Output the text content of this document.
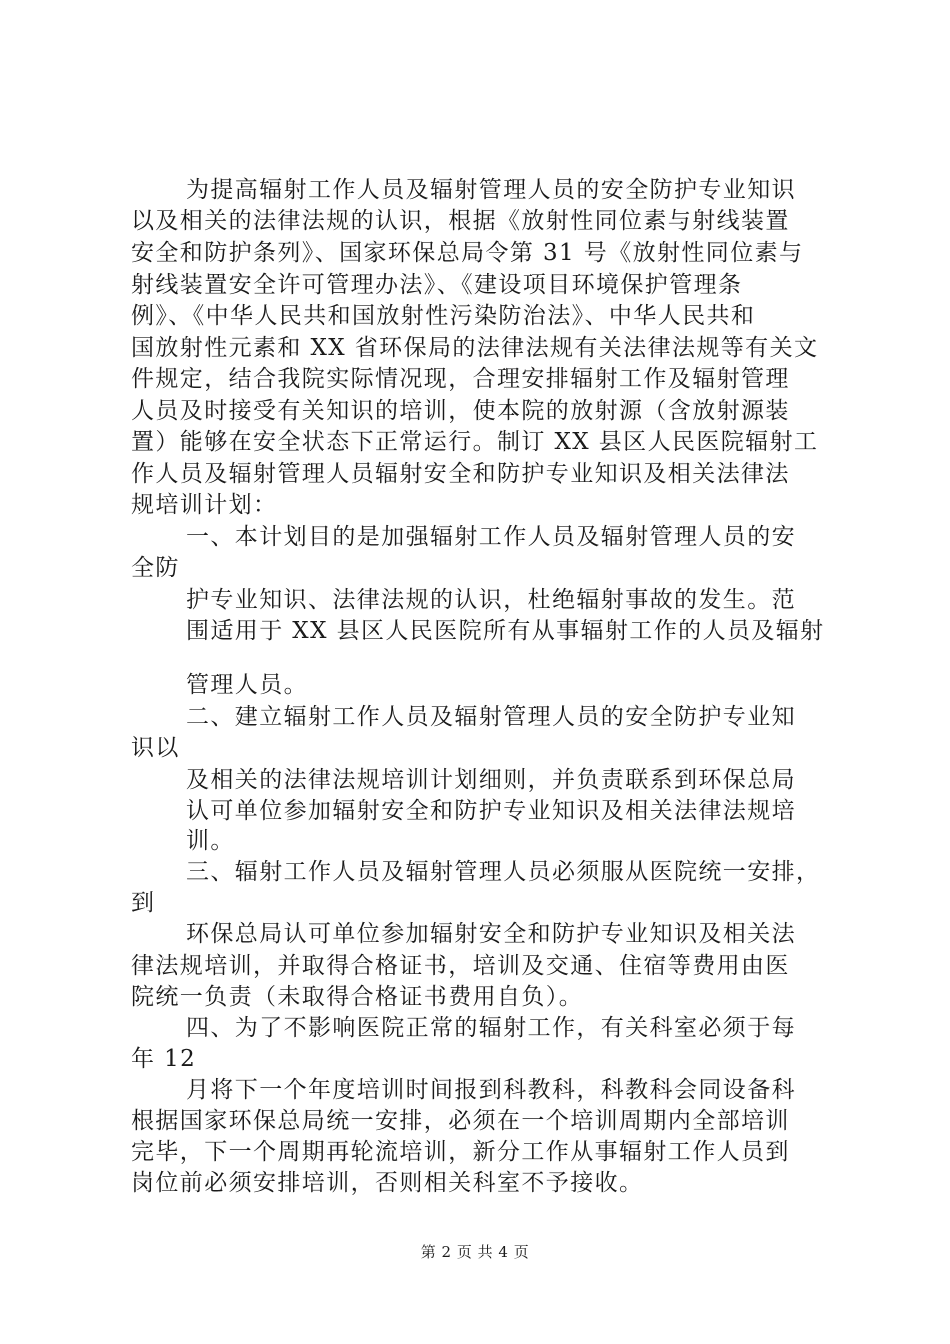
为提高辐射工作人员及辐射管理人员的安全防护专业知识
以及相关的法律法规的认识，根据《放射性同位素与射线装置
安全和防护条列》、国家环保总局令第 31 号《放射性同位素与
射线装置安全许可管理办法》、《建设项目环境保护管理条
例》、《中华人民共和国放射性污染防治法》、中华人民共和
国放射性元素和 XX 省环保局的法律法规有关法律法规等有关文
件规定，结合我院实际情况现，合理安排辐射工作及辐射管理
人员及时接受有关知识的培训，使本院的放射源（含放射源装
置）能够在安全状态下正常运行。制订 XX 县区人民医院辐射工
作人员及辐射管理人员辐射安全和防护专业知识及相关法律法
规培训计划：
一、本计划目的是加强辐射工作人员及辐射管理人员的安
全防
护专业知识、法律法规的认识，杜绝辐射事故的发生。范
围适用于 XX 县区人民医院所有从事辐射工作的人员及辐射
管理人员。
二、建立辐射工作人员及辐射管理人员的安全防护专业知
识以
及相关的法律法规培训计划细则，并负责联系到环保总局
认可单位参加辐射安全和防护专业知识及相关法律法规培
训。
三、辐射工作人员及辐射管理人员必须服从医院统一安排，
到
环保总局认可单位参加辐射安全和防护专业知识及相关法
律法规培训，并取得合格证书，培训及交通、住宿等费用由医
院统一负责（未取得合格证书费用自负）。
四、为了不影响医院正常的辐射工作，有关科室必须于每
年 12
月将下一个年度培训时间报到科教科，科教科会同设备科
根据国家环保总局统一安排，必须在一个培训周期内全部培训
完毕，下一个周期再轮流培训，新分工作从事辐射工作人员到
岗位前必须安排培训，否则相关科室不予接收。
第 2 页 共 4 页
